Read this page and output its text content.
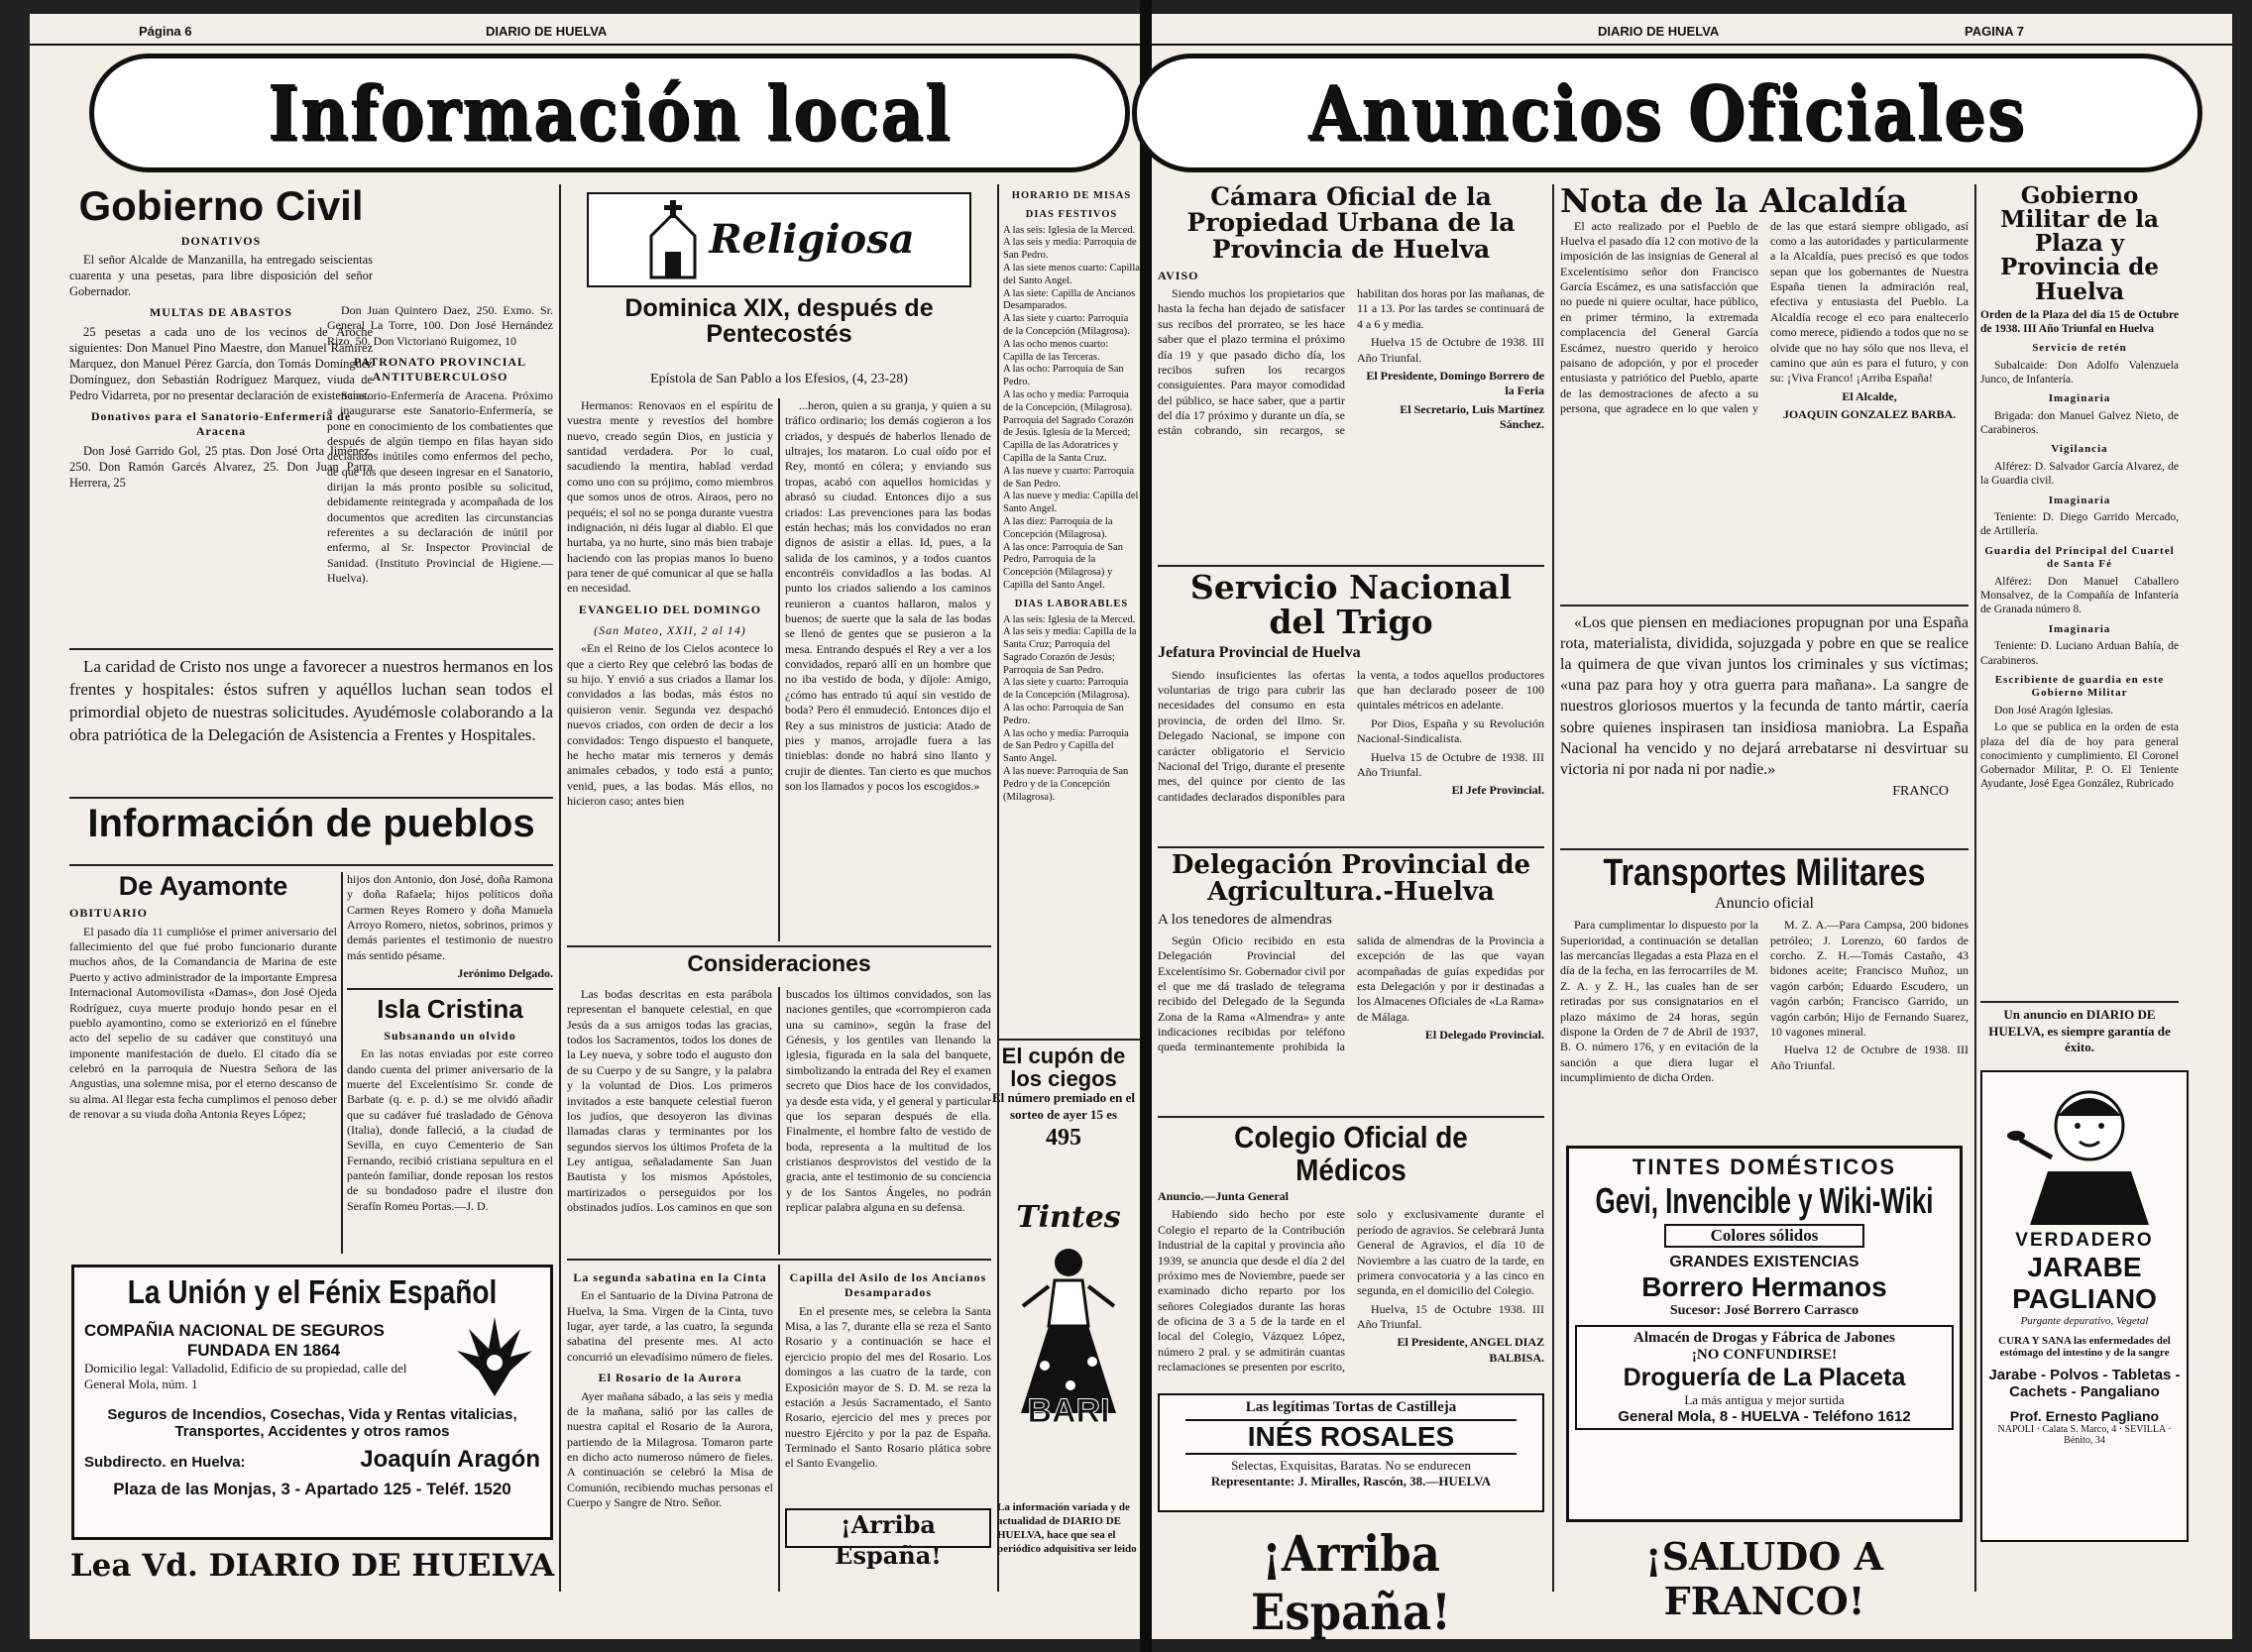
Página 6	DIARIO DE HUELVA
Información local
Gobierno Civil
DONATIVOS

El señor Alcalde de Manzanilla, ha entregado seiscientas cuarenta y una pesetas, para libre disposición del señor Gobernador.

MULTAS DE ABASTOS

25 pesetas a cada uno de los vecinos de Aroche siguientes: Don Manuel Pino Maestre, don Manuel Ramírez Marquez, don Manuel Pérez García, don Tomás Domínguez Domínguez, don Sebastián Rodríguez Marquez, viuda de Pedro Vidarreta, por no presentar declaración de existencias.

Donativos para el Sanatorio-Enfermería de Aracena

Don José Garrido Gol, 25 ptas. Don José Orta Jiménez, 250. Don Ramón Garcés Alvarez, 25. Don Juan Parra Herrera, 25

Don Juan Quintero Daez, 250. Exmo. Sr. General La Torre, 100. Don José Hernández Rizo, 50. Don Victoriano Ruigomez, 10

PATRONATO PROVINCIAL ANTITUBERCULOSO

Sanatorio-Enfermería de Aracena. Próximo a inaugurarse este Sanatorio-Enfermería, se pone en conocimiento de los combatientes que después de algún tiempo en filas hayan sido declarados inútiles como enfermos del pecho, de que los que deseen ingresar en el Sanatorio, dirijan la más pronto posible su solicitud, debidamente reintegrada y acompañada de los documentos que acrediten las circunstancias referentes a su declaración de inútil por enfermo, al Sr. Inspector Provincial de Sanidad. (Instituto Provincial de Higiene.—Huelva).

La caridad de Cristo nos unge a favorecer a nuestros hermanos en los frentes y hospitales: éstos sufren y aquéllos luchan sean todos el primordial objeto de nuestras solicitudes. Ayudémosle colaborando a la obra patriótica de la Delegación de Asistencia a Frentes y Hospitales.

Información de pueblos
De Ayamonte
OBITUARIO

El pasado día 11 cumplióse el primer aniversario del fallecimiento del que fué probo funcionario durante muchos años, de la Comandancia de Marina de este Puerto y activo administrador de la importante Empresa Internacional Automovilista «Damas», don José Ojeda Rodríguez, cuya muerte produjo hondo pesar en el pueblo ayamontino, como se exteriorizó en el fúnebre acto del sepelio de su cadáver que constituyó una imponente manifestación de duelo. El citado día se celebró en la parroquia de Nuestra Señora de las Angustias, una solemne misa, por el eterno descanso de su alma. Al llegar esta fecha cumplimos el penoso deber de renovar a su viuda doña Antonia Reyes López;

hijos don Antonio, don José, doña Ramona y doña Rafaela; hijos políticos doña Carmen Reyes Romero y doña Manuela Arroyo Romero, nietos, sobrinos, primos y demás parientes el testimonio de nuestro más sentido pésame.

Jerónimo Delgado.
Isla Cristina
Subsanando un olvido

En las notas enviadas por este correo dando cuenta del primer aniversario de la muerte del Excelentísimo Sr. conde de Barbate (q. e. p. d.) se me olvidó añadir que su cadáver fué trasladado de Génova (Italia), donde falleció, a la ciudad de Sevilla, en cuyo Cementerio de San Fernando, recibió cristiana sepultura en el panteón familiar, donde reposan los restos de su bondadoso padre el ilustre don Serafín Romeu Portas.—J. D.

La Unión y el Fénix Español
COMPAÑIA NACIONAL DE SEGUROS
FUNDADA EN 1864
Domicilio legal: Valladolid, Edificio de su propiedad, calle del General Mola, núm. 1
Seguros de Incendios, Cosechas, Vida y Rentas vitalicias, Transportes, Accidentes y otros ramos
Subdirecto. en Huelva:	Joaquín Aragón
Plaza de las Monjas, 3 - Apartado 125 - Teléf. 1520
Lea Vd. DIARIO DE HUELVA
Religiosa
Dominica XIX, después de Pentecostés
Epístola de San Pablo a los Efesios, (4, 23-28)

Hermanos: Renovaos en el espíritu de vuestra mente y revestíos del hombre nuevo, creado según Dios, en justicia y santidad verdadera. Por lo cual, sacudiendo la mentira, hablad verdad como uno con su prójimo, como miembros que somos unos de otros. Airaos, pero no pequéis; el sol no se ponga durante vuestra indignación, ni déis lugar al diablo. El que hurtaba, ya no hurte, sino más bien trabaje haciendo con las propias manos lo bueno para tener de qué comunicar al que se halla en necesidad.

EVANGELIO DEL DOMINGO
(San Mateo, XXII, 2 al 14)

«En el Reino de los Cielos acontece lo que a cierto Rey que celebró las bodas de su hijo. Y envió a sus criados a llamar los convidados a las bodas, más éstos no quisieron venir. Segunda vez despachó nuevos criados, con orden de decir a los convidados: Tengo dispuesto el banquete, he hecho matar mis terneros y demás animales cebados, y todo está a punto; venid, pues, a las bodas. Más ellos, no hicieron caso; antes bien

...heron, quien a su granja, y quien a su tráfico ordinario; los demás cogieron a los criados, y después de haberlos llenado de ultrajes, los mataron. Lo cual oído por el Rey, montó en cólera; y enviando sus tropas, acabó con aquellos homicidas y abrasó su ciudad. Entonces dijo a sus criados: Las prevenciones para las bodas están hechas; más los convidados no eran dignos de asistir a ellas. Id, pues, a la salida de los caminos, y a todos cuantos encontréis convidadlos a las bodas. Al punto los criados saliendo a los caminos reunieron a cuantos hallaron, malos y buenos; de suerte que la sala de las bodas se llenó de gentes que se pusieron a la mesa. Entrando después el Rey a ver a los convidados, reparó allí en un hombre que no iba vestido de boda, y díjole: Amigo, ¿cómo has entrado tú aquí sin vestido de boda? Pero él enmudeció. Entonces dijo el Rey a sus ministros de justicia: Atado de pies y manos, arrojadle fuera a las tinieblas: donde no habrá sino llanto y crujir de dientes. Tan cierto es que muchos son los llamados y pocos los escogidos.»

Consideraciones

Las bodas descritas en esta parábola representan el banquete celestial, en que Jesús da a sus amigos todas las gracias, todos los Sacramentos, todos los dones de la Ley nueva, y sobre todo el augusto don de su Cuerpo y de su Sangre, y la palabra y la voluntad de Dios. Los primeros invitados a este banquete celestial fueron los judíos, que desoyeron las divinas llamadas claras y terminantes por los segundos siervos los últimos Profeta de la Ley antigua, señaladamente San Juan Bautista y los mismos Apóstoles, martirizados o perseguidos por los obstinados judíos. Los caminos en que son buscados los últimos convidados, son las naciones gentiles, que «corrompieron cada una su camino», según la frase del Génesis, y los gentiles van llenando la iglesia, figurada en la sala del banquete, simbolizando la entrada del Rey el examen secreto que Dios hace de los convidados, ya desde esta vida, y el general y particular que los separan después de ella. Finalmente, el hombre falto de vestido de boda, representa a la multitud de los cristianos desprovistos del vestido de la gracia, ante el testimonio de su conciencia y de los Santos Ángeles, no podrán replicar palabra alguna en su defensa.

La segunda sabatina en la Cinta

En el Santuario de la Divina Patrona de Huelva, la Sma. Virgen de la Cinta, tuvo lugar, ayer tarde, a las cuatro, la segunda sabatina del presente mes. Al acto concurrió un elevadísimo número de fieles.

El Rosario de la Aurora

Ayer mañana sábado, a las seis y media de la mañana, salió por las calles de nuestra capital el Rosario de la Aurora, partiendo de la Milagrosa. Tomaron parte en dicho acto numeroso número de fieles. A continuación se celebró la Misa de Comunión, recibiendo muchas personas el Cuerpo y Sangre de Ntro. Señor.

Capilla del Asilo de los Ancianos Desamparados

En el presente mes, se celebra la Santa Misa, a las 7, durante ella se reza el Santo Rosario y a continuación se hace el ejercicio propio del mes del Rosario. Los domingos a las cuatro de la tarde, con Exposición mayor de S. D. M. se reza la estación a Jesús Sacramentado, el Santo Rosario, ejercicio del mes y preces por nuestro Ejército y por la paz de España. Terminado el Santo Rosario plática sobre el Santo Evangelio.

¡Arriba España!
HORARIO DE MISAS
DIAS FESTIVOS
A las seis: Iglesia de la Merced.
A las seis y media: Parroquia de San Pedro.
A las siete menos cuarto: Capilla del Santo Angel.
A las siete: Capilla de Ancianos Desamparados.
A las siete y cuarto: Parroquia de la Concepción (Milagrosa).
A las ocho menos cuarto: Capilla de las Terceras.
A las ocho: Parroquia de San Pedro.
A las ocho y media: Parroquia de la Concepción, (Milagrosa). Parroquia del Sagrado Corazón de Jesús. Iglesia de la Merced; Capilla de las Adoratrices y Capilla de la Santa Cruz.
A las nueve y cuarto: Parroquia de San Pedro.
A las nueve y media: Capilla del Santo Angel.
A las diez: Parroquia de la Concepción (Milagrosa).
A las once: Parroquia de San Pedro, Parroquia de la Concepción (Milagrosa) y Capilla del Santo Angel.
DIAS LABORABLES
A las seis: Iglesia de la Merced.
A las seis y media: Capilla de la Santa Cruz; Parroquia del Sagrado Corazón de Jesús; Parroquia de San Pedro.
A las siete y cuarto: Parroquia de la Concepción (Milagrosa).
A las ocho: Parroquia de San Pedro.
A las ocho y media: Parroquia de San Pedro y Capilla del Santo Angel.
A las nueve: Parroquia de San Pedro y de la Concepción (Milagrosa).
El cupón de los ciegos
El número premiado en el sorteo de ayer 15 es
495
Tintes
BARI
La información variada y de actualidad de DIARIO DE HUELVA, hace que sea el periódico adquisitiva ser leido
DIARIO DE HUELVA	PAGINA 7
Anuncios Oficiales
Cámara Oficial de la Propiedad Urbana de la Provincia de Huelva
AVISO

Siendo muchos los propietarios que hasta la fecha han dejado de satisfacer sus recibos del prorrateo, se les hace saber que el plazo termina el próximo día 19 y que pasado dicho día, los recibos sufren los recargos consiguientes. Para mayor comodidad del público, se hace saber, que a partir del día 17 próximo y durante un día, se están cobrando, sin recargos, se habilitan dos horas por las mañanas, de 11 a 13. Por las tardes se continuará de 4 a 6 y media.

Huelva 15 de Octubre de 1938. III Año Triunfal.

El Presidente, Domingo Borrero de la Feria
El Secretario, Luis Martínez Sánchez.
Servicio Nacional del Trigo
Jefatura Provincial de Huelva

Siendo insuficientes las ofertas voluntarias de trigo para cubrir las necesidades del consumo en esta provincia, de orden del Ilmo. Sr. Delegado Nacional, se impone con carácter obligatorio el Servicio Nacional del Trigo, durante el presente mes, del quince por ciento de las cantidades declarados disponibles para la venta, a todos aquellos productores que han declarado poseer de 100 quintales métricos en adelante.

Por Dios, España y su Revolución Nacional-Sindicalista.

Huelva 15 de Octubre de 1938. III Año Triunfal.

El Jefe Provincial.
Delegación Provincial de Agricultura.-Huelva
A los tenedores de almendras

Según Oficio recibido en esta Delegación Provincial del Excelentísimo Sr. Gobernador civil por el que me dá traslado de telegrama recibido del Delegado de la Segunda Zona de la Rama «Almendra» y ante indicaciones recibidas por teléfono queda terminantemente prohibida la salida de almendras de la Provincia a excepción de las que vayan acompañadas de guías expedidas por esta Delegación y por ir destinadas a los Almacenes Oficiales de «La Rama» de Málaga.

El Delegado Provincial.
Colegio Oficial de Médicos
Anuncio.—Junta General

Habiendo sido hecho por este Colegio el reparto de la Contribución Industrial de la capital y provincia año 1939, se anuncia que desde el día 2 del próximo mes de Noviembre, puede ser examinado dicho reparto por los señores Colegiados durante las horas de oficina de 3 a 5 de la tarde en el local del Colegio, Vázquez López, número 2 pral. y se admitirán cuantas reclamaciones se presenten por escrito, solo y exclusivamente durante el período de agravios. Se celebrará Junta General de Agravios, el día 10 de Noviembre a las cuatro de la tarde, en primera convocatoria y a las cinco en segunda, en el domicilio del Colegio.

Huelva, 15 de Octubre 1938. III Año Triunfal.

El Presidente, ANGEL DIAZ BALBISA.
Las legítimas Tortas de Castilleja
INÉS ROSALES
Selectas, Exquisitas, Baratas. No se endurecen
Representante: J. Miralles, Rascón, 38.—HUELVA
¡Arriba España!
Nota de la Alcaldía

El acto realizado por el Pueblo de Huelva el pasado día 12 con motivo de la imposición de las insignias de General al Excelentísimo señor don Francisco García Escámez, es una satisfacción que no puede ni quiere ocultar, hace público, en primer término, la extremada complacencia del General García Escámez, nuestro querido y heroico paisano de adopción, y por el proceder entusiasta y patriótico del Pueblo, aparte de las demostraciones de afecto a su persona, que agradece en lo que valen y de las que estará siempre obligado, así como a las autoridades y particularmente a la Alcaldía, pues precisó es que todos sepan que los gobernantes de Nuestra España tienen la admiración real, efectiva y entusiasta del Pueblo. La Alcaldía recoge el eco para enaltecerlo como merece, pidiendo a todos que no se olvide que no hay sólo que nos lleva, el camino que aún es para el futuro, y con su: ¡Viva Franco! ¡Arriba España!

El Alcalde,
JOAQUIN GONZALEZ BARBA.

«Los que piensen en mediaciones propugnan por una España rota, materialista, dividida, sojuzgada y pobre en que se realice la quimera de que vivan juntos los criminales y sus víctimas; «una paz para hoy y otra guerra para mañana». La sangre de nuestros gloriosos muertos y la fecunda de tanto mártir, caería sobre quienes inspirasen tan insidiosa maniobra. La España Nacional ha vencido y no dejará arrebatarse ni desvirtuar su victoria ni por nada ni por nadie.»

FRANCO
Transportes Militares
Anuncio oficial

Para cumplimentar lo dispuesto por la Superioridad, a continuación se detallan las mercancías llegadas a esta Plaza en el día de la fecha, en las ferrocarriles de M. Z. A. y Z. H., las cuales han de ser retiradas por sus consignatarios en el plazo máximo de 24 horas, según dispone la Orden de 7 de Abril de 1937, B. O. número 176, y en evitación de la sanción a que diera lugar el incumplimiento de dicha Orden.

M. Z. A.—Para Campsa, 200 bidones petróleo; J. Lorenzo, 60 fardos de corcho. Z. H.—Tomás Castaño, 43 bidones aceite; Francisco Muñoz, un vagón carbón; Eduardo Escudero, un vagón carbón; Francisco Garrido, un vagón carbón; Hijo de Fernando Suarez, 10 vagones mineral.

Huelva 12 de Octubre de 1938. III Año Triunfal.

TINTES DOMÉSTICOS
Gevi, Invencible y Wiki-Wiki
Colores sólidos
GRANDES EXISTENCIAS
Borrero Hermanos
Sucesor: José Borrero Carrasco
Almacén de Drogas y Fábrica de Jabones
¡NO CONFUNDIRSE!
Droguería de La Placeta
La más antigua y mejor surtida
General Mola, 8 - HUELVA - Teléfono 1612
¡SALUDO A FRANCO!
Gobierno Militar de la Plaza y Provincia de Huelva
Orden de la Plaza del día 15 de Octubre de 1938. III Año Triunfal en Huelva
Servicio de retén

Subalcaide: Don Adolfo Valenzuela Junco, de Infantería.

Imaginaria

Brigada: don Manuel Galvez Nieto, de Carabineros.

Vigilancia

Alférez: D. Salvador García Alvarez, de la Guardia civil.

Imaginaria

Teniente: D. Diego Garrido Mercado, de Artillería.

Guardia del Principal del Cuartel de Santa Fé

Alférez: Don Manuel Caballero Monsalvez, de la Compañía de Infantería de Granada número 8.

Imaginaria

Teniente: D. Luciano Arduan Bahía, de Carabineros.

Escribiente de guardia en este Gobierno Militar

Don José Aragón Iglesias.

Lo que se publica en la orden de esta plaza del día de hoy para general conocimiento y cumplimiento. El Coronel Gobernador Militar, P. O. El Teniente Ayudante, José Egea González, Rubricado

Un anuncio en DIARIO DE HUELVA, es siempre garantía de éxito.
VERDADERO
JARABE
PAGLIANO
Purgante depurativo, Vegetal
CURA Y SANA las enfermedades del estómago del intestino y de la sangre
Jarabe - Polvos - Tabletas - Cachets - Pangaliano
Prof. Ernesto Pagliano
NAPOLI · Calata S. Marco, 4 · SEVILLA · Bénito, 34
